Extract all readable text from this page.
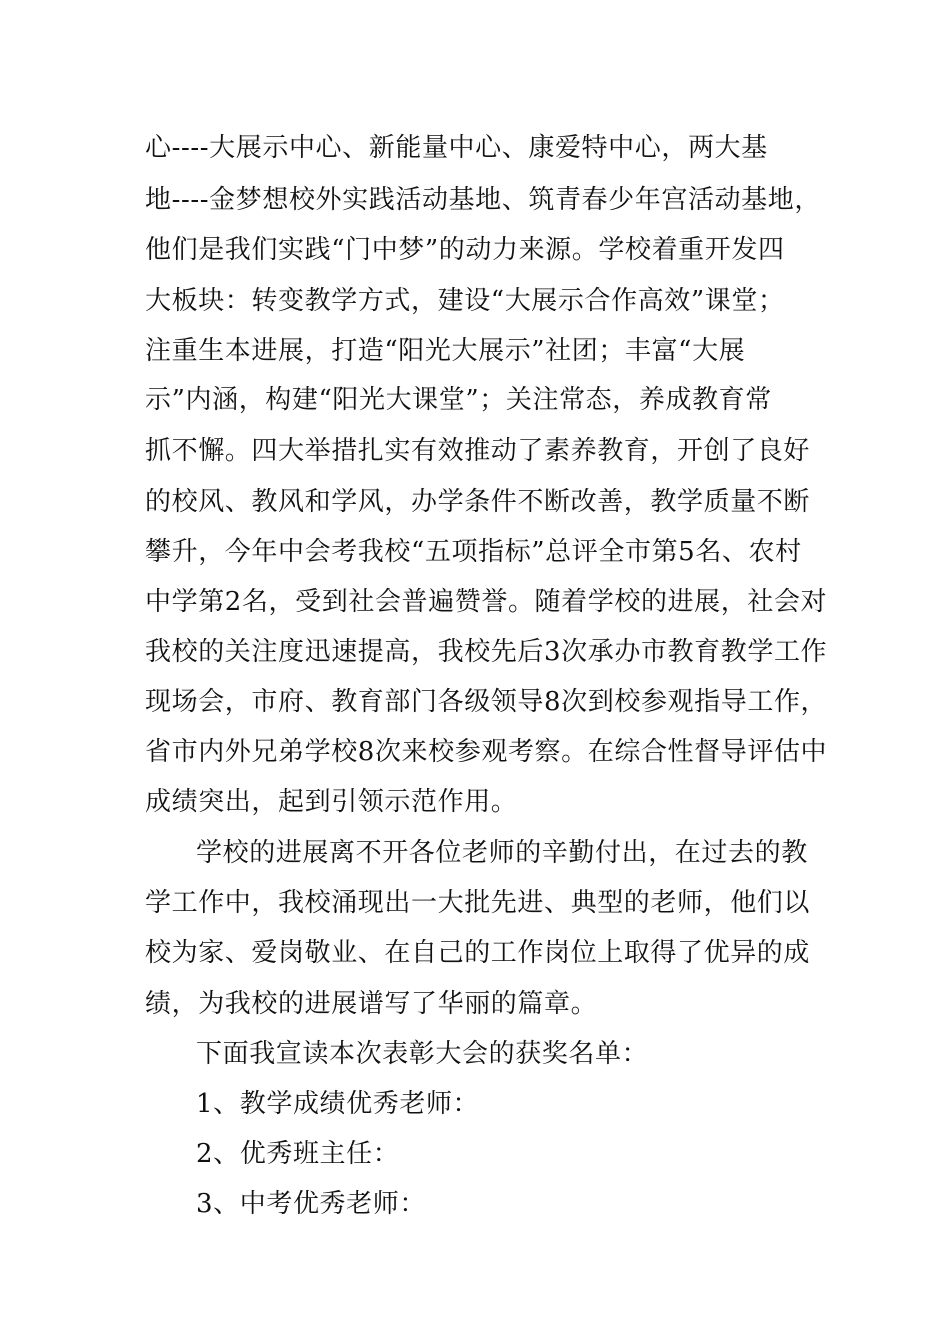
心----大展示中心、新能量中心、康爱特中心，两大基
地----金梦想校外实践活动基地、筑青春少年宫活动基地，
他们是我们实践“门中梦”的动力来源。学校着重开发四
大板块：转变教学方式，建设“大展示合作高效”课堂；
注重生本进展，打造“阳光大展示”社团；丰富“大展
示”内涵，构建“阳光大课堂”；关注常态，养成教育常
抓不懈。四大举措扎实有效推动了素养教育，开创了良好
的校风、教风和学风，办学条件不断改善，教学质量不断
攀升，今年中会考我校“五项指标”总评全市第5名、农村
中学第2名，受到社会普遍赞誉。随着学校的进展，社会对
我校的关注度迅速提高，我校先后3次承办市教育教学工作
现场会，市府、教育部门各级领导8次到校参观指导工作，
省市内外兄弟学校8次来校参观考察。在综合性督导评估中
成绩突出，起到引领示范作用。
学校的进展离不开各位老师的辛勤付出，在过去的教
学工作中，我校涌现出一大批先进、典型的老师，他们以
校为家、爱岗敬业、在自己的工作岗位上取得了优异的成
绩，为我校的进展谱写了华丽的篇章。
下面我宣读本次表彰大会的获奖名单：
1、教学成绩优秀老师：
2、优秀班主任：
3、中考优秀老师：
